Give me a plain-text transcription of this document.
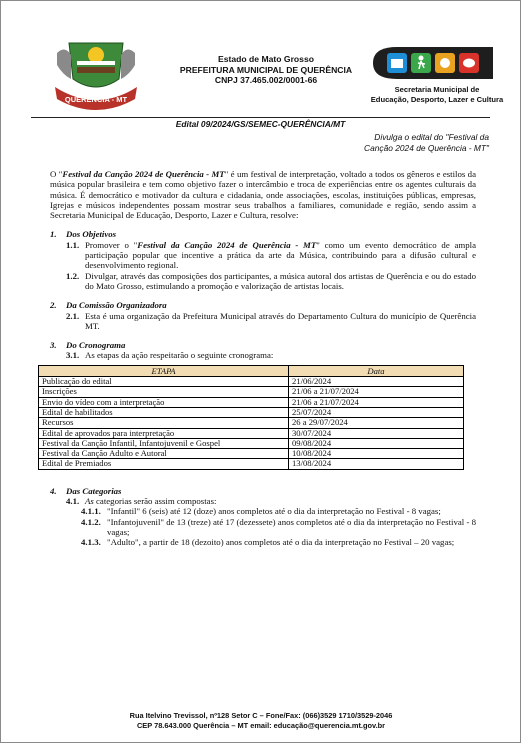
QUERÊNCIA - MT
Estado de Mato Grosso
PREFEITURA MUNICIPAL DE QUERÊNCIA
CNPJ 37.465.002/0001-66
Secretaria Municipal de
Educação, Desporto, Lazer e Cultura
Edital 09/2024/GS/SEMEC-QUERÊNCIA/MT
Divulga o edital do "Festival da
Canção 2024 de Querência - MT"

O "Festival da Canção 2024 de Querência - MT" é um festival de interpretação, voltado a todos os gêneros e estilos da música popular brasileira e tem como objetivo fazer o intercâmbio e troca de experiências entre os agentes culturais da música. É democrático e motivador da cultura e cidadania, onde associações, escolas, instituições públicas, empresas, Igrejas e músicos independentes possam mostrar seus trabalhos a familiares, comunidade e região, sendo assim a Secretaria Municipal de Educação, Desporto, Lazer e Cultura, resolve:

1. Dos Objetivos

1.1. Promover o "Festival da Canção 2024 de Querência - MT" como um evento democrático de ampla participação popular que incentive a prática da arte da Música, contribuindo para a difusão cultural e desenvolvimento regional.
1.2. Divulgar, através das composições dos participantes, a música autoral dos artistas de Querência e ou do estado do Mato Grosso, estimulando a promoção e valorização de artistas locais.

2. Da Comissão Organizadora

2.1. Esta é uma organização da Prefeitura Municipal através do Departamento Cultura do município de Querência MT.

3. Do Cronograma

3.1. As etapas da ação respeitarão o seguinte cronograma:
ETAPA	Data
Publicação do edital	21/06/2024
Inscrições	21/06 a 21/07/2024
Envio do vídeo com a interpretação	21/06 a 21/07/2024
Edital de habilitados	25/07/2024
Recursos	26 a 29/07/2024
Edital de aprovados para interpretação	30/07/2024
Festival da Canção Infantil, Infantojuvenil e Gospel	09/08/2024
Festival da Canção Adulto e Autoral	10/08/2024
Edital de Premiados	13/08/2024

4. Das Categorias

4.1. As categorias serão assim compostas:
4.1.1. "Infantil" 6 (seis) até 12 (doze) anos completos até o dia da interpretação no Festival - 8 vagas;
4.1.2. "Infantojuvenil" de 13 (treze) até 17 (dezessete) anos completos até o dia da interpretação no Festival - 8 vagas;
4.1.3. "Adulto", a partir de 18 (dezoito) anos completos até o dia da interpretação no Festival – 20 vagas;
Rua Itelvino Trevissol, nº128 Setor C – Fone/Fax: (066)3529 1710/3529-2046
CEP 78.643.000 Querência – MT email: educação@querencia.mt.gov.br
